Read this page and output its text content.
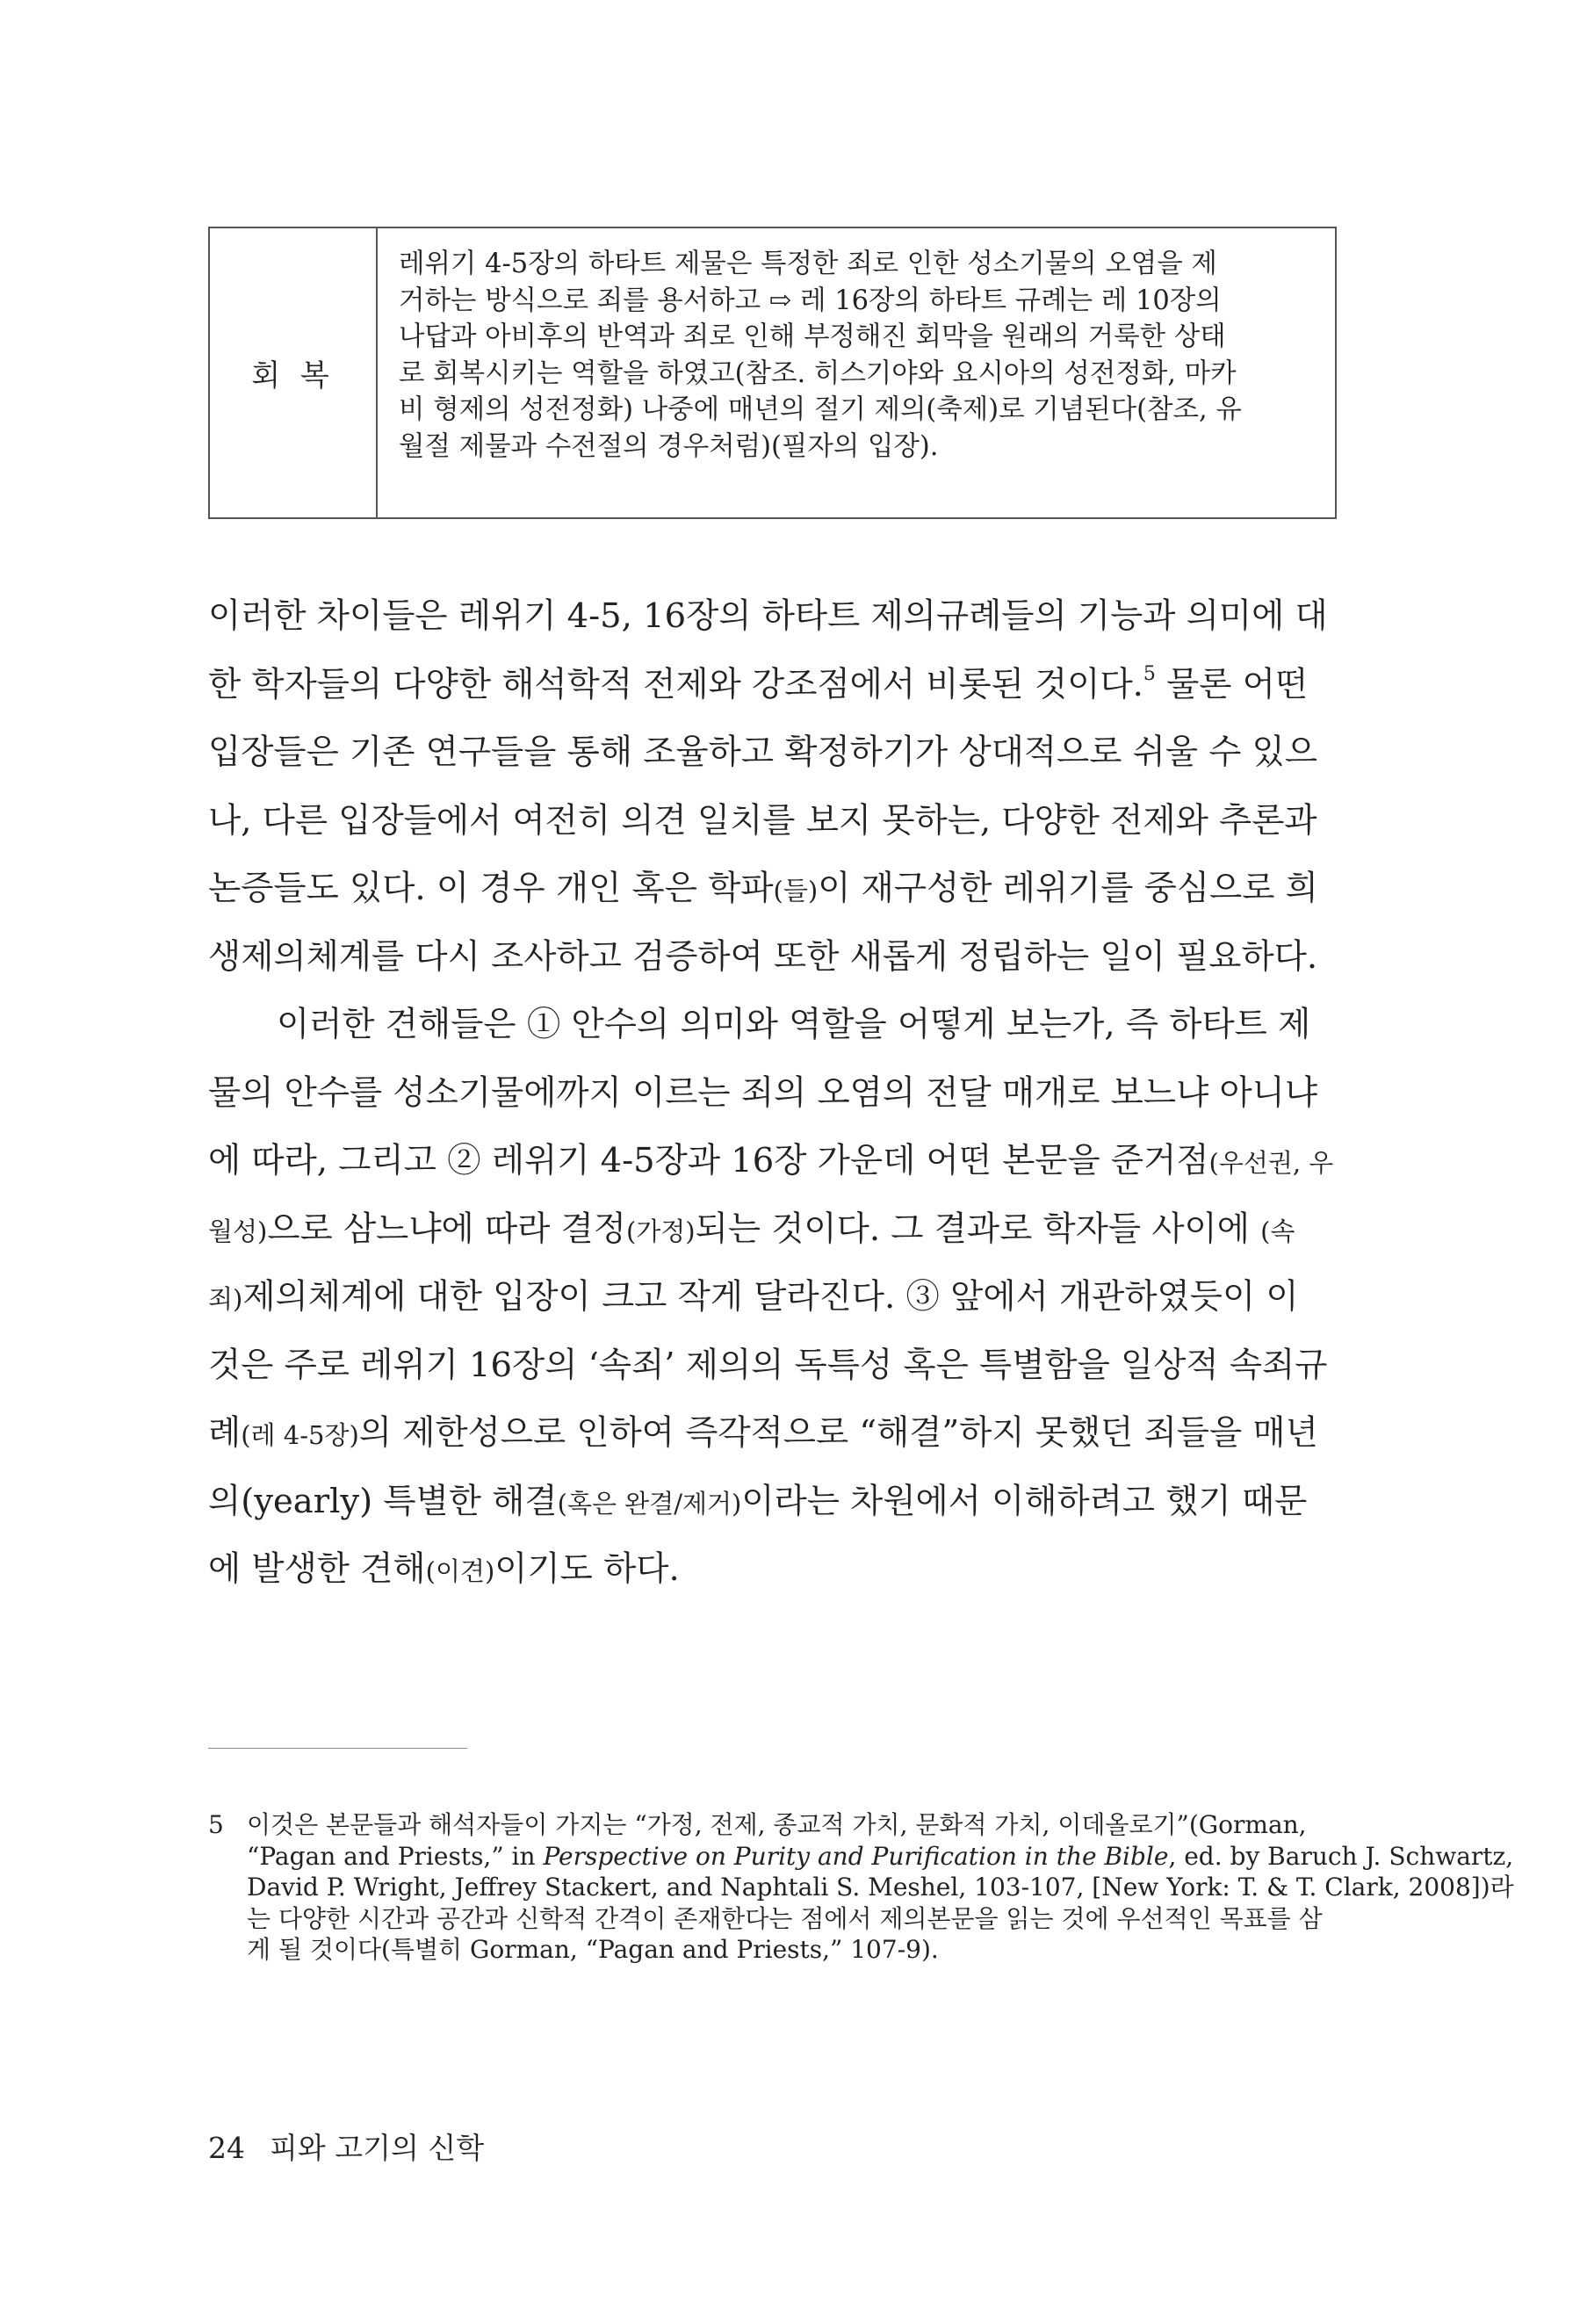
회 복
레위기 4-5장의 하타트 제물은 특정한 죄로 인한 성소기물의 오염을 제
거하는 방식으로 죄를 용서하고 ⇨ 레 16장의 하타트 규례는 레 10장의
나답과 아비후의 반역과 죄로 인해 부정해진 회막을 원래의 거룩한 상태
로 회복시키는 역할을 하였고(참조. 히스기야와 요시아의 성전정화, 마카
비 형제의 성전정화) 나중에 매년의 절기 제의(축제)로 기념된다(참조, 유
월절 제물과 수전절의 경우처럼)(필자의 입장).
이러한 차이들은 레위기 4-5, 16장의 하타트 제의규례들의 기능과 의미에 대
한 학자들의 다양한 해석학적 전제와 강조점에서 비롯된 것이다.$^5$ 물론 어떤
입장들은 기존 연구들을 통해 조율하고 확정하기가 상대적으로 쉬울 수 있으
나, 다른 입장들에서 여전히 의견 일치를 보지 못하는, 다양한 전제와 추론과
논증들도 있다. 이 경우 개인 혹은 학파(들)이 재구성한 레위기를 중심으로 희
생제의체계를 다시 조사하고 검증하여 또한 새롭게 정립하는 일이 필요하다.
이러한 견해들은 ① 안수의 의미와 역할을 어떻게 보는가, 즉 하타트 제
물의 안수를 성소기물에까지 이르는 죄의 오염의 전달 매개로 보느냐 아니냐
에 따라, 그리고 ② 레위기 4-5장과 16장 가운데 어떤 본문을 준거점(우선권, 우
월성)으로 삼느냐에 따라 결정(가정)되는 것이다. 그 결과로 학자들 사이에 (속
죄)제의체계에 대한 입장이 크고 작게 달라진다. ③ 앞에서 개관하였듯이 이
것은 주로 레위기 16장의 ‘속죄’ 제의의 독특성 혹은 특별함을 일상적 속죄규
례(레 4-5장)의 제한성으로 인하여 즉각적으로 “해결”하지 못했던 죄들을 매년
의(yearly) 특별한 해결(혹은 완결/제거)이라는 차원에서 이해하려고 했기 때문
에 발생한 견해(이견)이기도 하다.
5 이것은 본문들과 해석자들이 가지는 “가정, 전제, 종교적 가치, 문화적 가치, 이데올로기”(Gorman,
“Pagan and Priests,” in Perspective on Purity and Purification in the Bible, ed. by Baruch J. Schwartz,
David P. Wright, Jeffrey Stackert, and Naphtali S. Meshel, 103-107, [New York: T. & T. Clark, 2008])라
는 다양한 시간과 공간과 신학적 간격이 존재한다는 점에서 제의본문을 읽는 것에 우선적인 목표를 삼
게 될 것이다(특별히 Gorman, “Pagan and Priests,” 107-9).
24 피와 고기의 신학
